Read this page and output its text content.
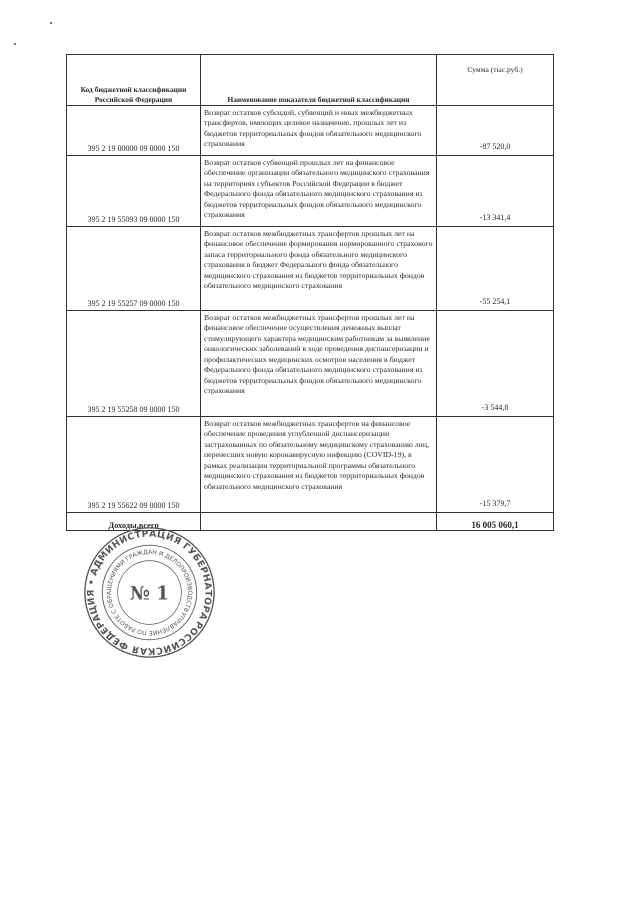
Код бюджетной классификации Российской Федерации	Наименование показателя бюджетной классификации	Сумма (тыс.руб.)
395 2 19 00000 09 0000 150	Возврат остатков субсидий, субвенций и иных межбюджетных трансфертов, имеющих целевое назначение, прошлых лет из бюджетов территориальных фондов обязательного медицинского страхования	-87 520,0
395 2 19 55093 09 0000 150	Возврат остатков субвенций прошлых лет на финансовое обеспечение организации обязательного медицинского страхования на территориях субъектов Российской Федерации в бюджет Федерального фонда обязательного медицинского страхования из бюджетов территориальных фондов обязательного медицинского страхования	-13 341,4
395 2 19 55257 09 0000 150	Возврат остатков межбюджетных трансфертов прошлых лет на финансовое обеспечение формирования нормированного страхового запаса территориального фонда обязательного медицинского страхования в бюджет Федерального фонда обязательного медицинского страхования из бюджетов территориальных фондов обязательного медицинского страхования	-55 254,1
395 2 19 55258 09 0000 150	Возврат остатков межбюджетных трансфертов прошлых лет на финансовое обеспечение осуществления денежных выплат стимулирующего характера медицинским работникам за выявление онкологических заболеваний в ходе проведения диспансеризации и профилактических медицинских осмотров населения в бюджет Федерального фонда обязательного медицинского страхования из бюджетов территориальных фондов обязательного медицинского страхования	-3 544,8
395 2 19 55622 09 0000 150	Возврат остатков межбюджетных трансфертов на финансовое обеспечение проведения углубленной диспансеризации застрахованных по обязательному медицинскому страхованию лиц, перенесших новую коронавирусную инфекцию (COVID-19), в рамках реализации территориальной программы обязательного медицинского страхования из бюджетов территориальных фондов обязательного медицинского страхования	-15 379,7
Доходы,всего		16 005 060,1
РОССИЙСКАЯ ФЕДЕРАЦИЯ • АДМИНИСТРАЦИЯ ГУБЕРНАТОРА
УПРАВЛЕНИЕ ПО РАБОТЕ С ОБРАЩЕНИЯМИ ГРАЖДАН И ДЕЛОПРОИЗВОДСТВУ
№ 1
